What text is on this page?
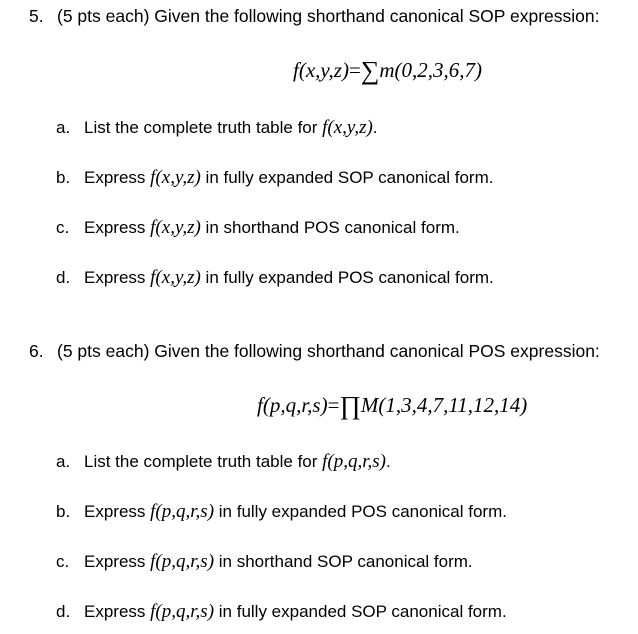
5. (5 pts each) Given the following shorthand canonical SOP expression:
f(x,y,z)=∑m(0,2,3,6,7)
a. List the complete truth table for f(x,y,z).
b. Express f(x,y,z) in fully expanded SOP canonical form.
c. Express f(x,y,z) in shorthand POS canonical form.
d. Express f(x,y,z) in fully expanded POS canonical form.
6. (5 pts each) Given the following shorthand canonical POS expression:
f(p,q,r,s)=∏M(1,3,4,7,11,12,14)
a. List the complete truth table for f(p,q,r,s).
b. Express f(p,q,r,s) in fully expanded POS canonical form.
c. Express f(p,q,r,s) in shorthand SOP canonical form.
d. Express f(p,q,r,s) in fully expanded SOP canonical form.
